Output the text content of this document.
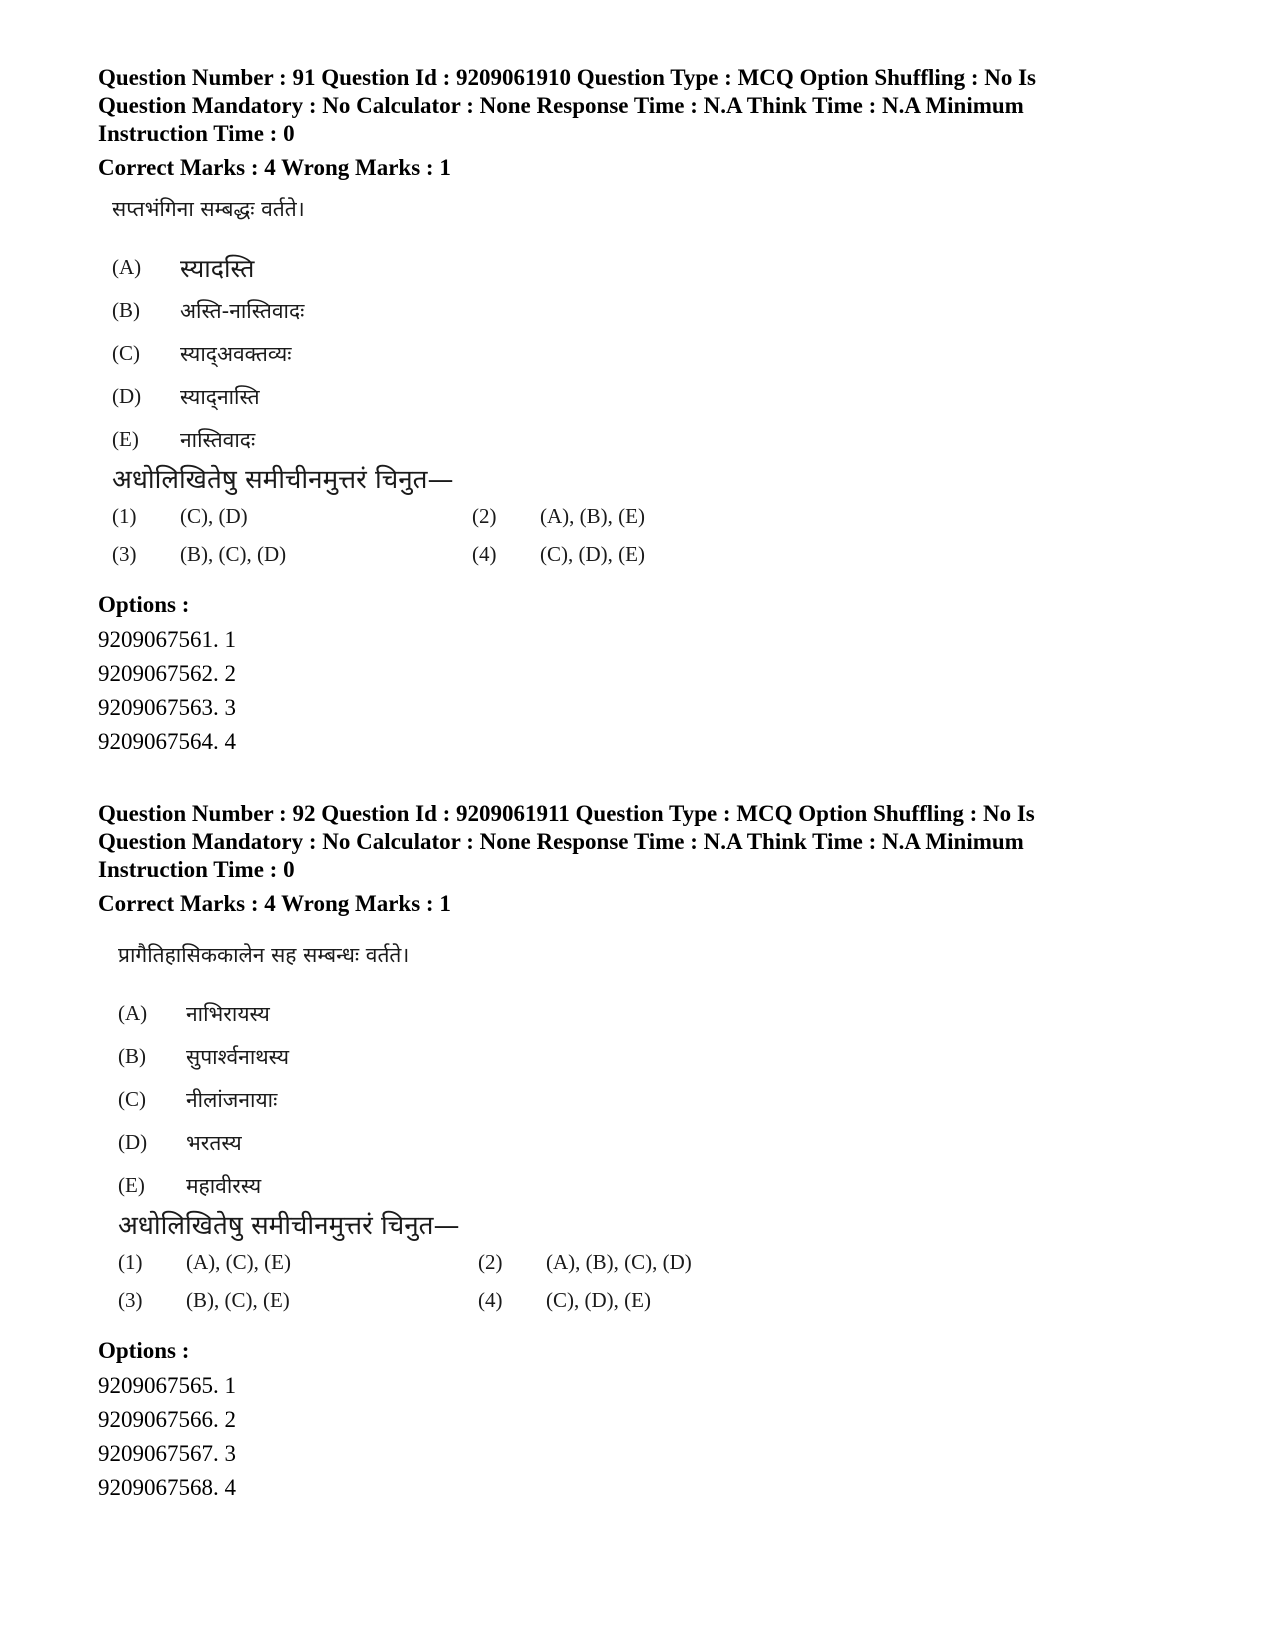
Question Number : 91 Question Id : 9209061910 Question Type : MCQ Option Shuffling : No Is
Question Mandatory : No Calculator : None Response Time : N.A Think Time : N.A Minimum
Instruction Time : 0

Correct Marks : 4 Wrong Marks : 1

सप्तभंगिना सम्बद्धः वर्तते।
(A)	स्यादस्ति
(B)	अस्ति-नास्तिवादः
(C)	स्याद्अवक्तव्यः
(D)	स्याद्नास्ति
(E)	नास्तिवादः
अधोलिखितेषु समीचीनमुत्तरं चिनुत—
(1)	(C), (D)	(2)	(A), (B), (E)
(3)	(B), (C), (D)	(4)	(C), (D), (E)

Options :

9209067561. 1

9209067562. 2

9209067563. 3

9209067564. 4

Question Number : 92 Question Id : 9209061911 Question Type : MCQ Option Shuffling : No Is
Question Mandatory : No Calculator : None Response Time : N.A Think Time : N.A Minimum
Instruction Time : 0

Correct Marks : 4 Wrong Marks : 1

प्रागैतिहासिककालेन सह सम्बन्धः वर्तते।
(A)	नाभिरायस्य
(B)	सुपार्श्वनाथस्य
(C)	नीलांजनायाः
(D)	भरतस्य
(E)	महावीरस्य
अधोलिखितेषु समीचीनमुत्तरं चिनुत—
(1)	(A), (C), (E)	(2)	(A), (B), (C), (D)
(3)	(B), (C), (E)	(4)	(C), (D), (E)

Options :

9209067565. 1

9209067566. 2

9209067567. 3

9209067568. 4
